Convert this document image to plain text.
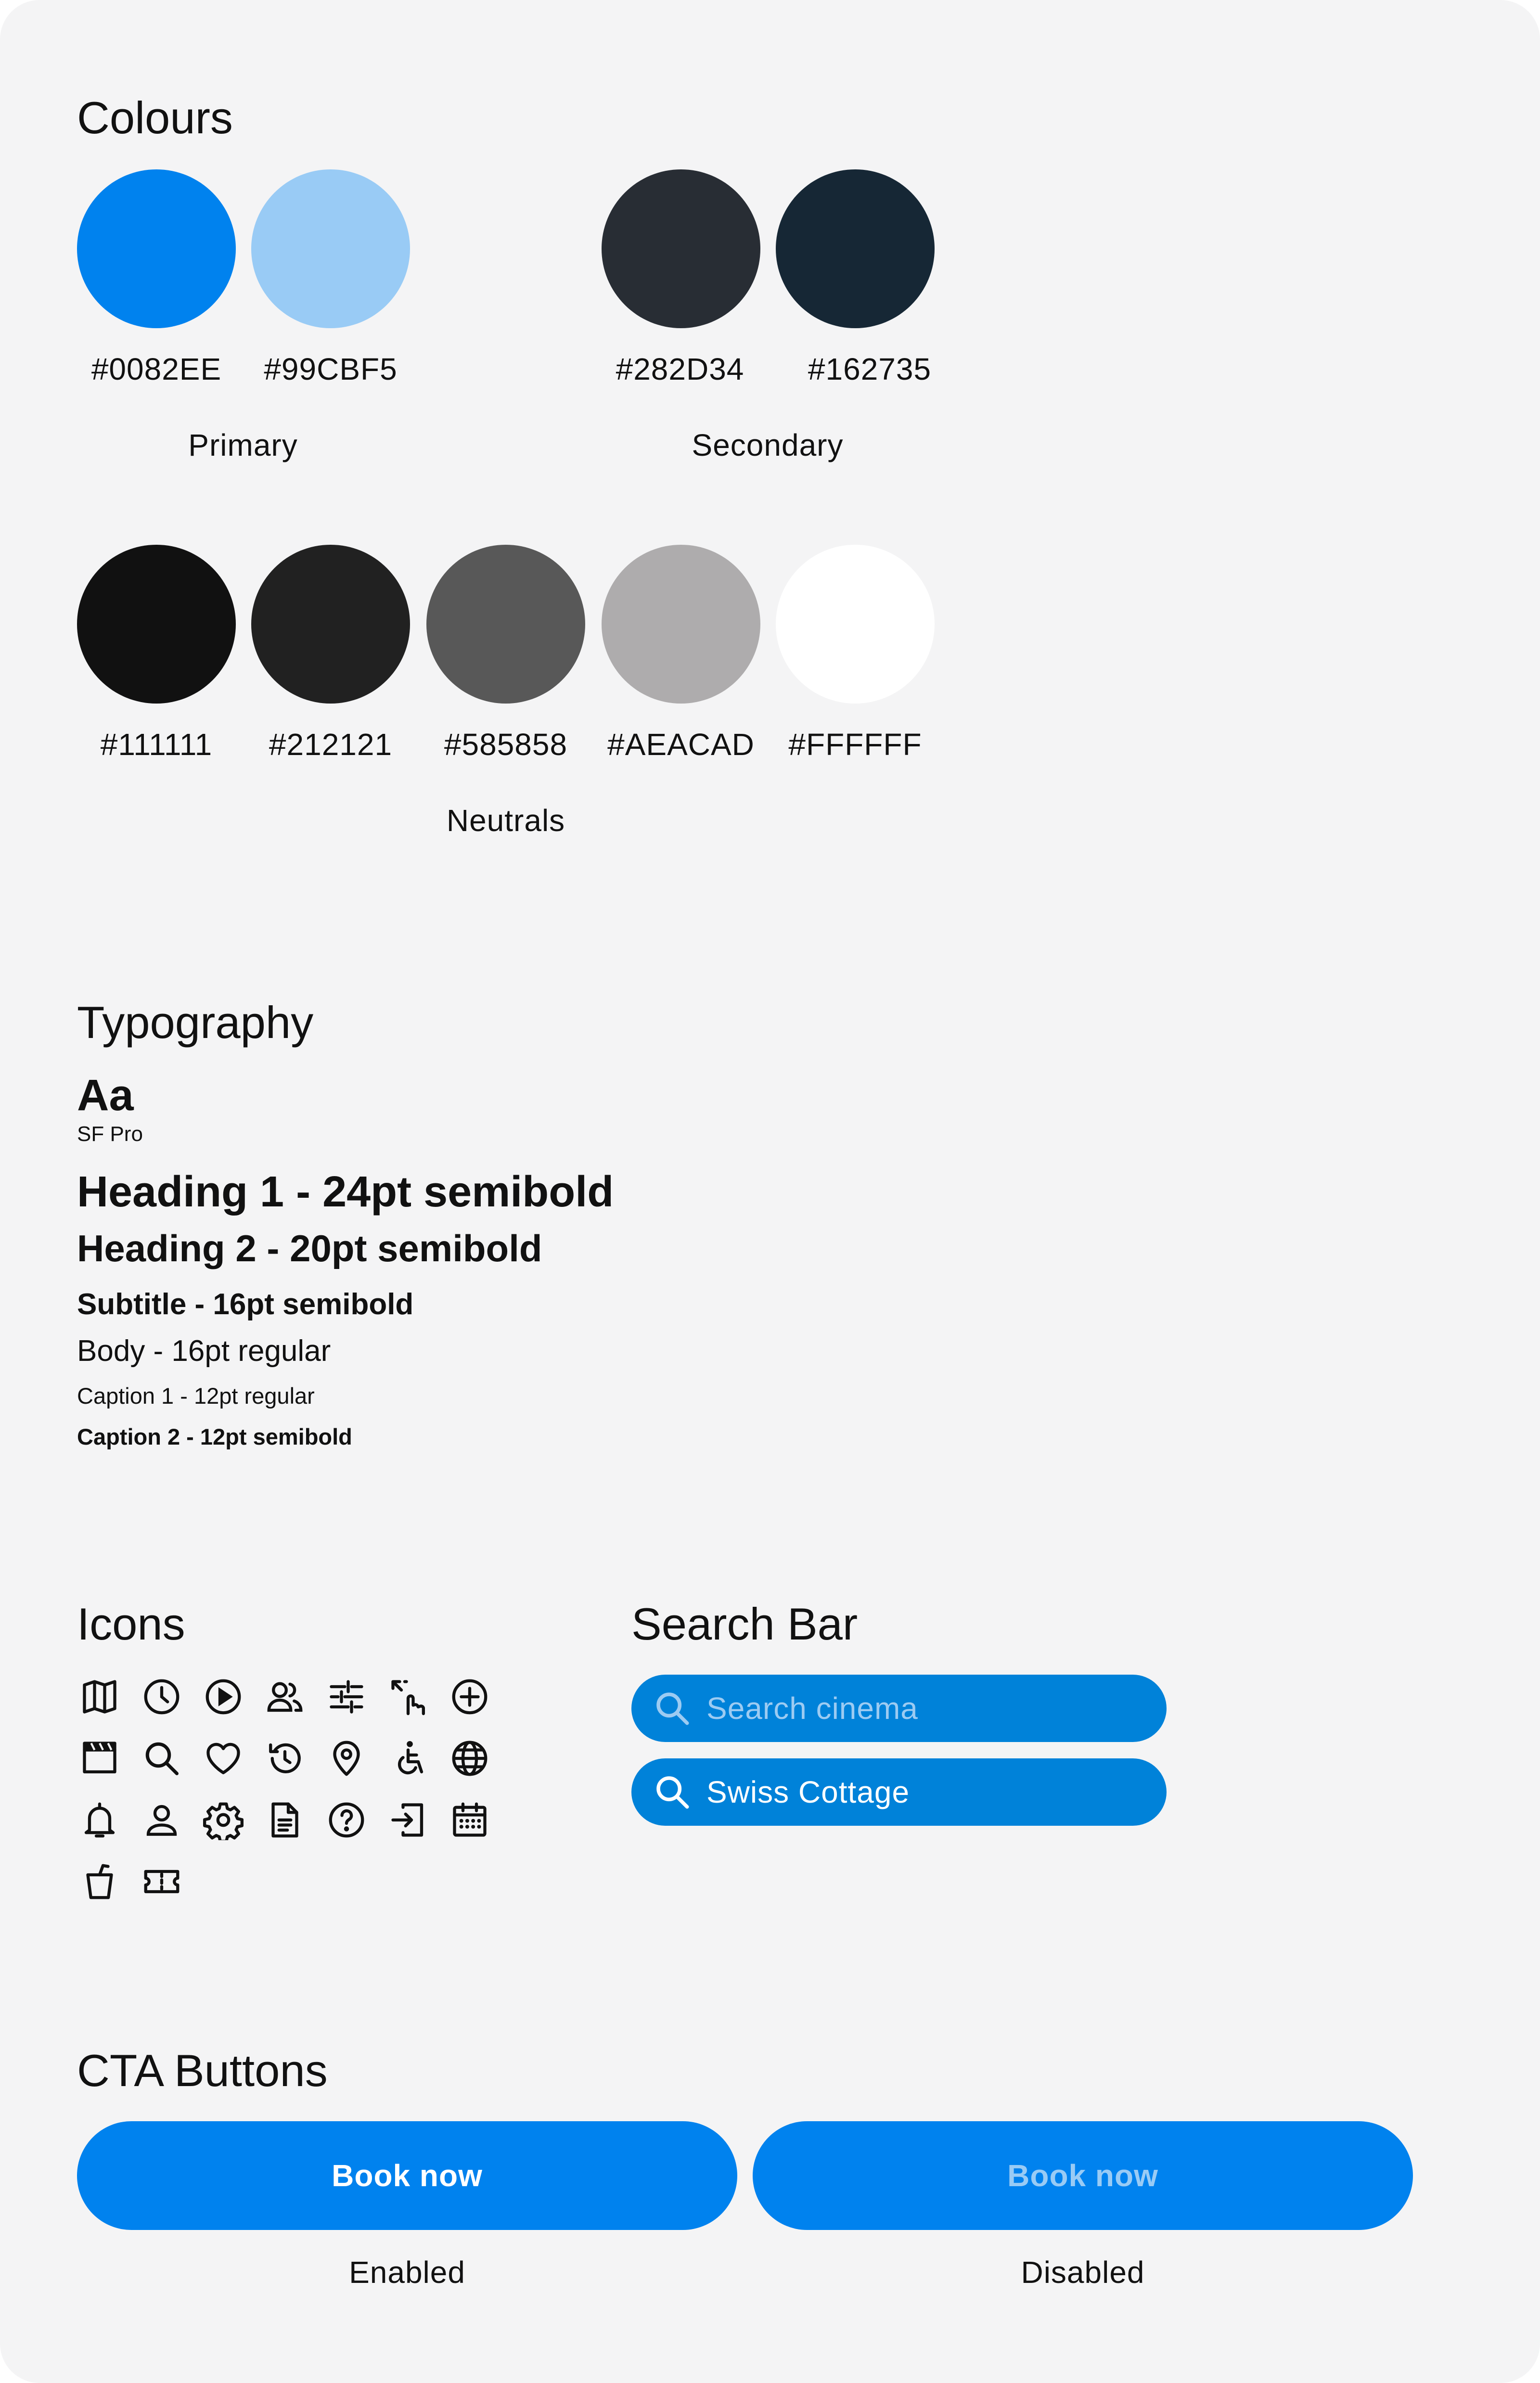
Colours
#0082EE	#99CBF5	#282D34	#162735
Primary	Secondary
#111111	#212121	#585858	#AEACAD	#FFFFFF
Neutrals
Typography
Aa
SF Pro
Heading 1 - 24pt semibold
Heading 2 - 20pt semibold
Subtitle - 16pt semibold
Body - 16pt regular
Caption 1 - 12pt regular
Caption 2 - 12pt semibold
Icons	Search Bar
Search cinema
Swiss Cottage
CTA Buttons
Book now	Book now
Enabled	Disabled
